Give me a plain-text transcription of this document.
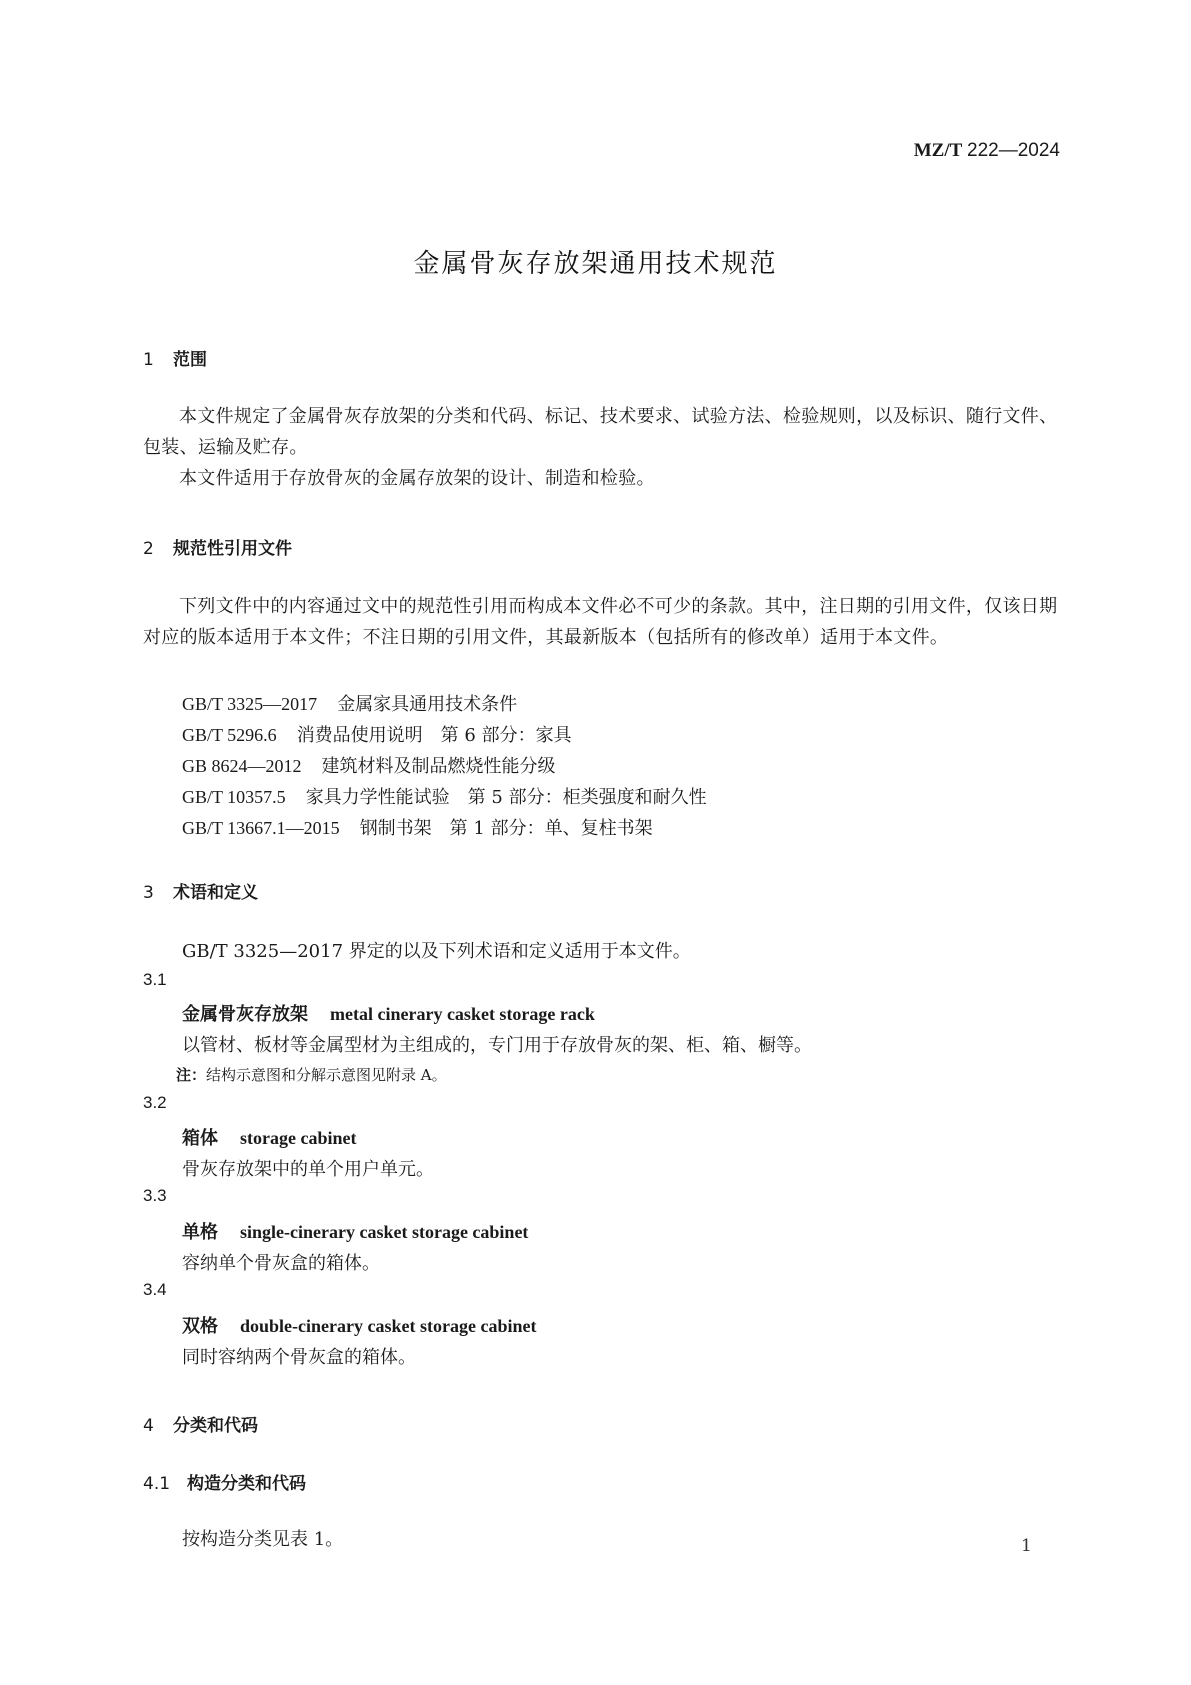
MZ/T 222—2024
金属骨灰存放架通用技术规范
1 范围
本文件规定了金属骨灰存放架的分类和代码、标记、技术要求、试验方法、检验规则，以及标识、随行文件、包装、运输及贮存。
本文件适用于存放骨灰的金属存放架的设计、制造和检验。
2 规范性引用文件
下列文件中的内容通过文中的规范性引用而构成本文件必不可少的条款。其中，注日期的引用文件，仅该日期对应的版本适用于本文件；不注日期的引用文件，其最新版本（包括所有的修改单）适用于本文件。
GB/T 3325—2017 金属家具通用技术条件
GB/T 5296.6 消费品使用说明　第 6 部分：家具
GB 8624—2012 建筑材料及制品燃烧性能分级
GB/T 10357.5 家具力学性能试验　第 5 部分：柜类强度和耐久性
GB/T 13667.1—2015 钢制书架　第 1 部分：单、复柱书架
3 术语和定义
GB/T 3325—2017 界定的以及下列术语和定义适用于本文件。
3.1
金属骨灰存放架 metal cinerary casket storage rack
以管材、板材等金属型材为主组成的，专门用于存放骨灰的架、柜、箱、橱等。
注：结构示意图和分解示意图见附录 A。
3.2
箱体 storage cabinet
骨灰存放架中的单个用户单元。
3.3
单格 single-cinerary casket storage cabinet
容纳单个骨灰盒的箱体。
3.4
双格 double-cinerary casket storage cabinet
同时容纳两个骨灰盒的箱体。
4 分类和代码
4.1 构造分类和代码
按构造分类见表 1。	1
